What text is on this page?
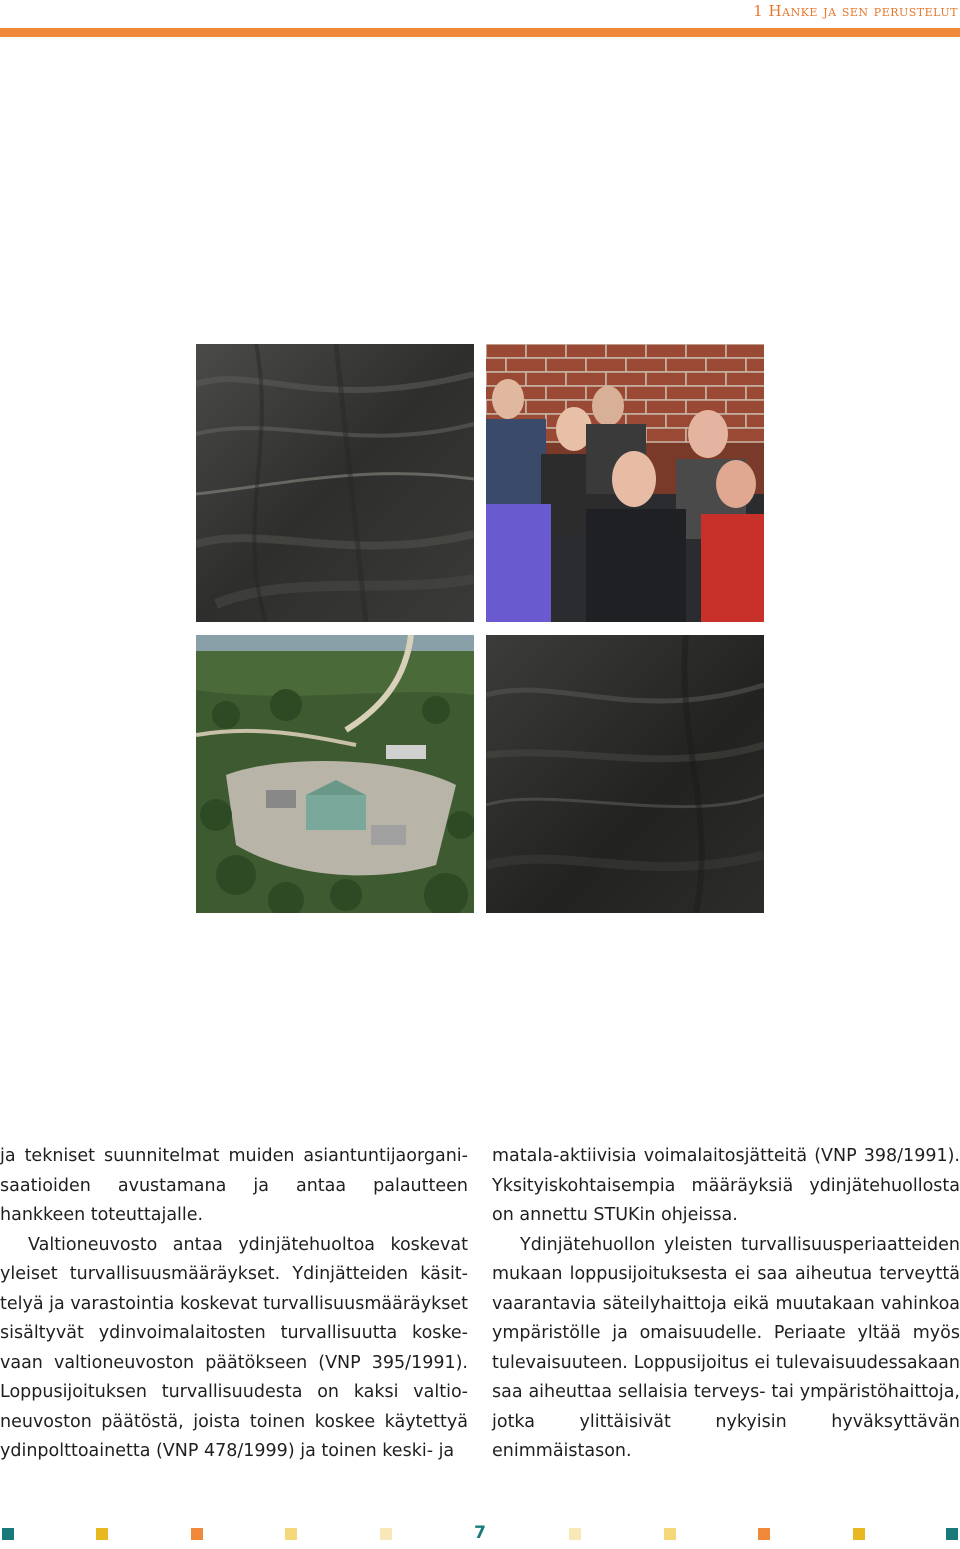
1 Hanke ja sen perustelut

ja tekniset suunnitelmat muiden asiantuntijaorganisaatioiden avustamana ja antaa palautteen hankkeen toteuttajalle.

Valtioneuvosto antaa ydinjätehuoltoa koskevat yleiset turvallisuusmääräykset. Ydinjätteiden käsittelyä ja varastointia koskevat turvallisuusmääräykset sisältyvät ydinvoimalaitosten turvallisuutta koskevaan valtioneuvoston päätökseen (VNP 395/1991). Loppusijoituksen turvallisuudesta on kaksi valtioneuvoston päätöstä, joista toinen koskee käytettyä ydinpolttoainetta (VNP 478/1999) ja toinen keski- ja

matala-aktiivisia voimalaitosjätteitä (VNP 398/1991). Yksityiskohtaisempia määräyksiä ydinjätehuollosta on annettu STUKin ohjeissa.

Ydinjätehuollon yleisten turvallisuusperiaatteiden mukaan loppusijoituksesta ei saa aiheutua terveyttä vaarantavia säteilyhaittoja eikä muutakaan vahinkoa ympäristölle ja omaisuudelle. Periaate yltää myös tulevaisuuteen. Loppusijoitus ei tulevaisuudessakaan saa aiheuttaa sellaisia terveys- tai ympäristöhaittoja, jotka ylittäisivät nykyisin hyväksyttävän enimmäistason.

7
